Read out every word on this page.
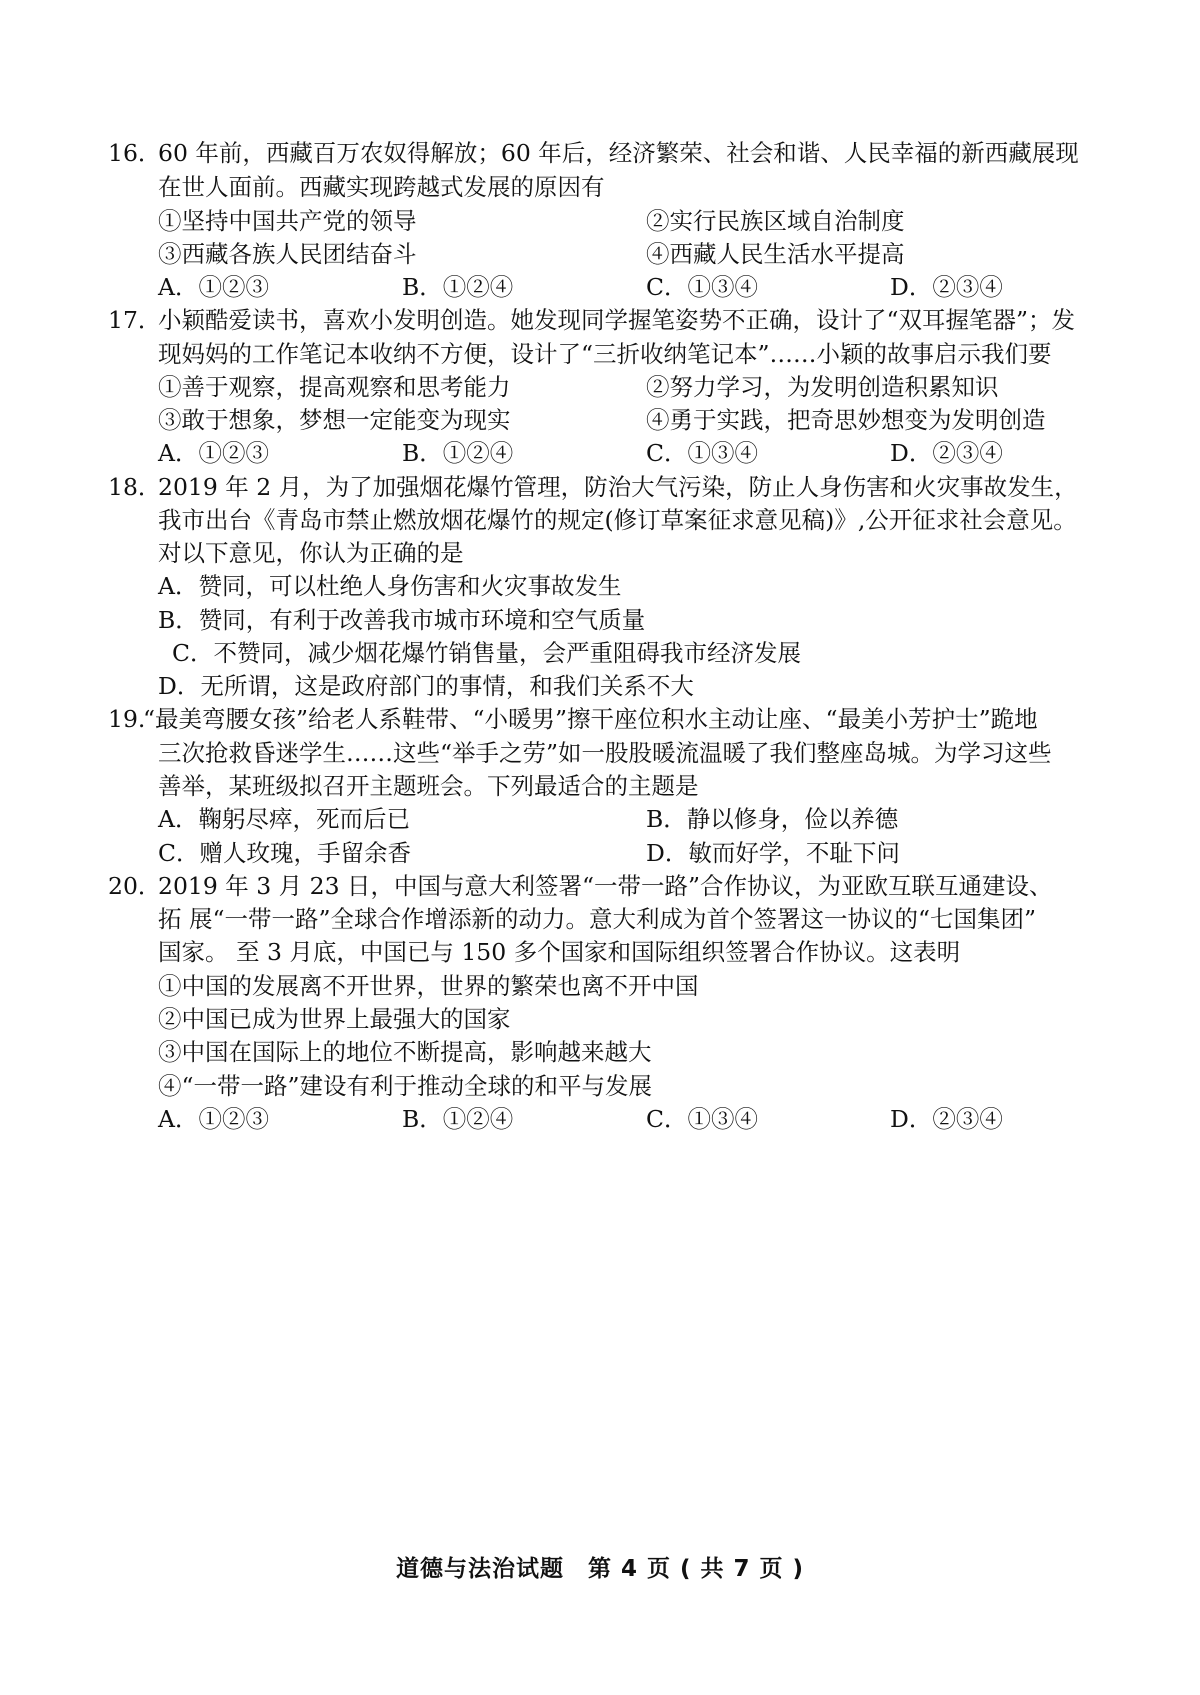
16．
60 年前，西藏百万农奴得解放；60 年后，经济繁荣、社会和谐、人民幸福的新西藏展现
在世人面前。西藏实现跨越式发展的原因有
①坚持中国共产党的领导	②实行民族区域自治制度
③西藏各族人民团结奋斗	④西藏人民生活水平提高
A．①②③	B．①②④	C．①③④	D．②③④
17．
小颖酷爱读书，喜欢小发明创造。她发现同学握笔姿势不正确，设计了“双耳握笔器”；发
现妈妈的工作笔记本收纳不方便，设计了“三折收纳笔记本”……小颖的故事启示我们要
①善于观察，提高观察和思考能力	②努力学习，为发明创造积累知识
③敢于想象，梦想一定能变为现实	④勇于实践，把奇思妙想变为发明创造
A．①②③	B．①②④	C．①③④	D．②③④
18．
2019 年 2 月，为了加强烟花爆竹管理，防治大气污染，防止人身伤害和火灾事故发生，
我市出台《青岛市禁止燃放烟花爆竹的规定(修订草案征求意见稿)》,公开征求社会意见。
对以下意见，你认为正确的是
A．赞同，可以杜绝人身伤害和火灾事故发生
B．赞同，有利于改善我市城市环境和空气质量
C．不赞同，减少烟花爆竹销售量，会严重阻碍我市经济发展
D．无所谓，这是政府部门的事情，和我们关系不大
19.
“最美弯腰女孩”给老人系鞋带、“小暖男”擦干座位积水主动让座、“最美小芳护士”跪地
三次抢救昏迷学生……这些“举手之劳”如一股股暖流温暖了我们整座岛城。为学习这些
善举，某班级拟召开主题班会。下列最适合的主题是
A．鞠躬尽瘁，死而后已	B．静以修身，俭以养德
C．赠人玫瑰，手留余香	D．敏而好学，不耻下问
20．
2019 年 3 月 23 日，中国与意大利签署“一带一路”合作协议，为亚欧互联互通建设、
拓 展“一带一路”全球合作增添新的动力。意大利成为首个签署这一协议的“七国集团”
国家。 至 3 月底，中国已与 150 多个国家和国际组织签署合作协议。这表明
①中国的发展离不开世界，世界的繁荣也离不开中国
②中国已成为世界上最强大的国家
③中国在国际上的地位不断提高，影响越来越大
④“一带一路”建设有利于推动全球的和平与发展
A．①②③	B．①②④	C．①③④	D．②③④
道德与法治试题　第 4 页 ( 共 7 页 )
